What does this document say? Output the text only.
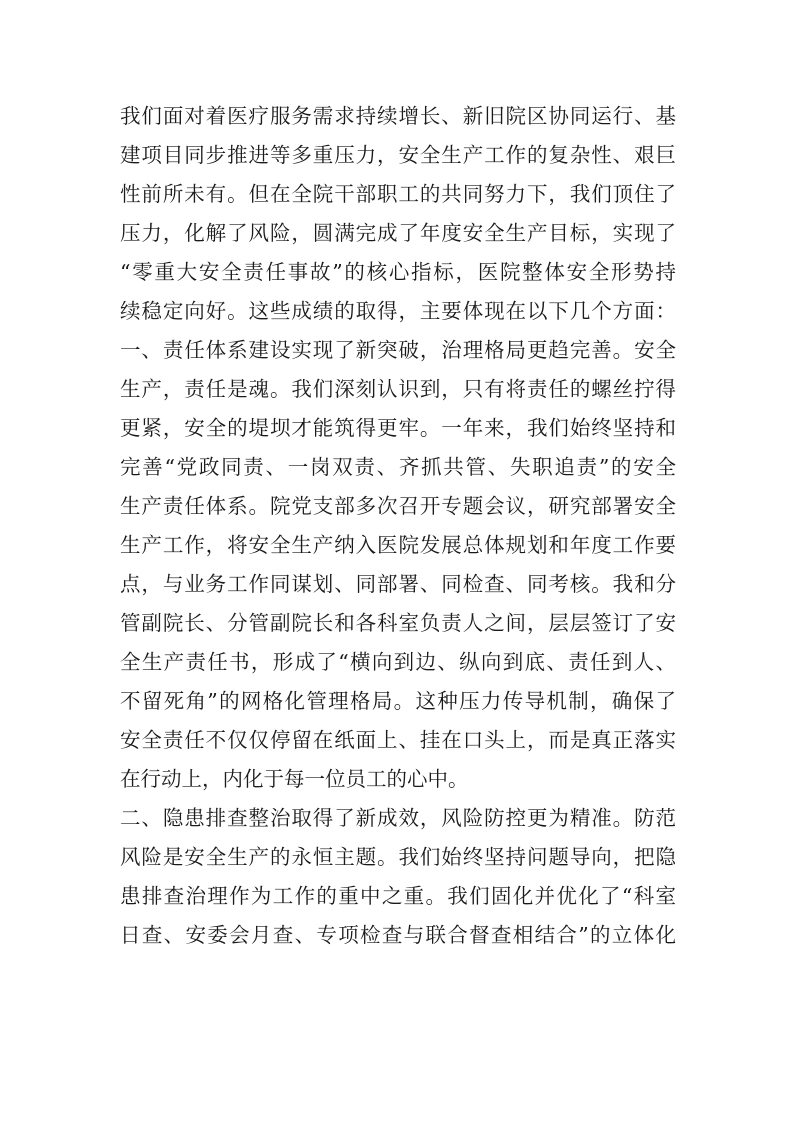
我们面对着医疗服务需求持续增长、新旧院区协同运行、基
建项目同步推进等多重压力，安全生产工作的复杂性、艰巨
性前所未有。但在全院干部职工的共同努力下，我们顶住了
压力，化解了风险，圆满完成了年度安全生产目标，实现了
“零重大安全责任事故”的核心指标，医院整体安全形势持
续稳定向好。这些成绩的取得，主要体现在以下几个方面：
一、责任体系建设实现了新突破，治理格局更趋完善。安全
生产，责任是魂。我们深刻认识到，只有将责任的螺丝拧得
更紧，安全的堤坝才能筑得更牢。一年来，我们始终坚持和
完善“党政同责、一岗双责、齐抓共管、失职追责”的安全
生产责任体系。院党支部多次召开专题会议，研究部署安全
生产工作，将安全生产纳入医院发展总体规划和年度工作要
点，与业务工作同谋划、同部署、同检查、同考核。我和分
管副院长、分管副院长和各科室负责人之间，层层签订了安
全生产责任书，形成了“横向到边、纵向到底、责任到人、
不留死角”的网格化管理格局。这种压力传导机制，确保了
安全责任不仅仅停留在纸面上、挂在口头上，而是真正落实
在行动上，内化于每一位员工的心中。
二、隐患排查整治取得了新成效，风险防控更为精准。防范
风险是安全生产的永恒主题。我们始终坚持问题导向，把隐
患排查治理作为工作的重中之重。我们固化并优化了“科室
日查、安委会月查、专项检查与联合督查相结合”的立体化
